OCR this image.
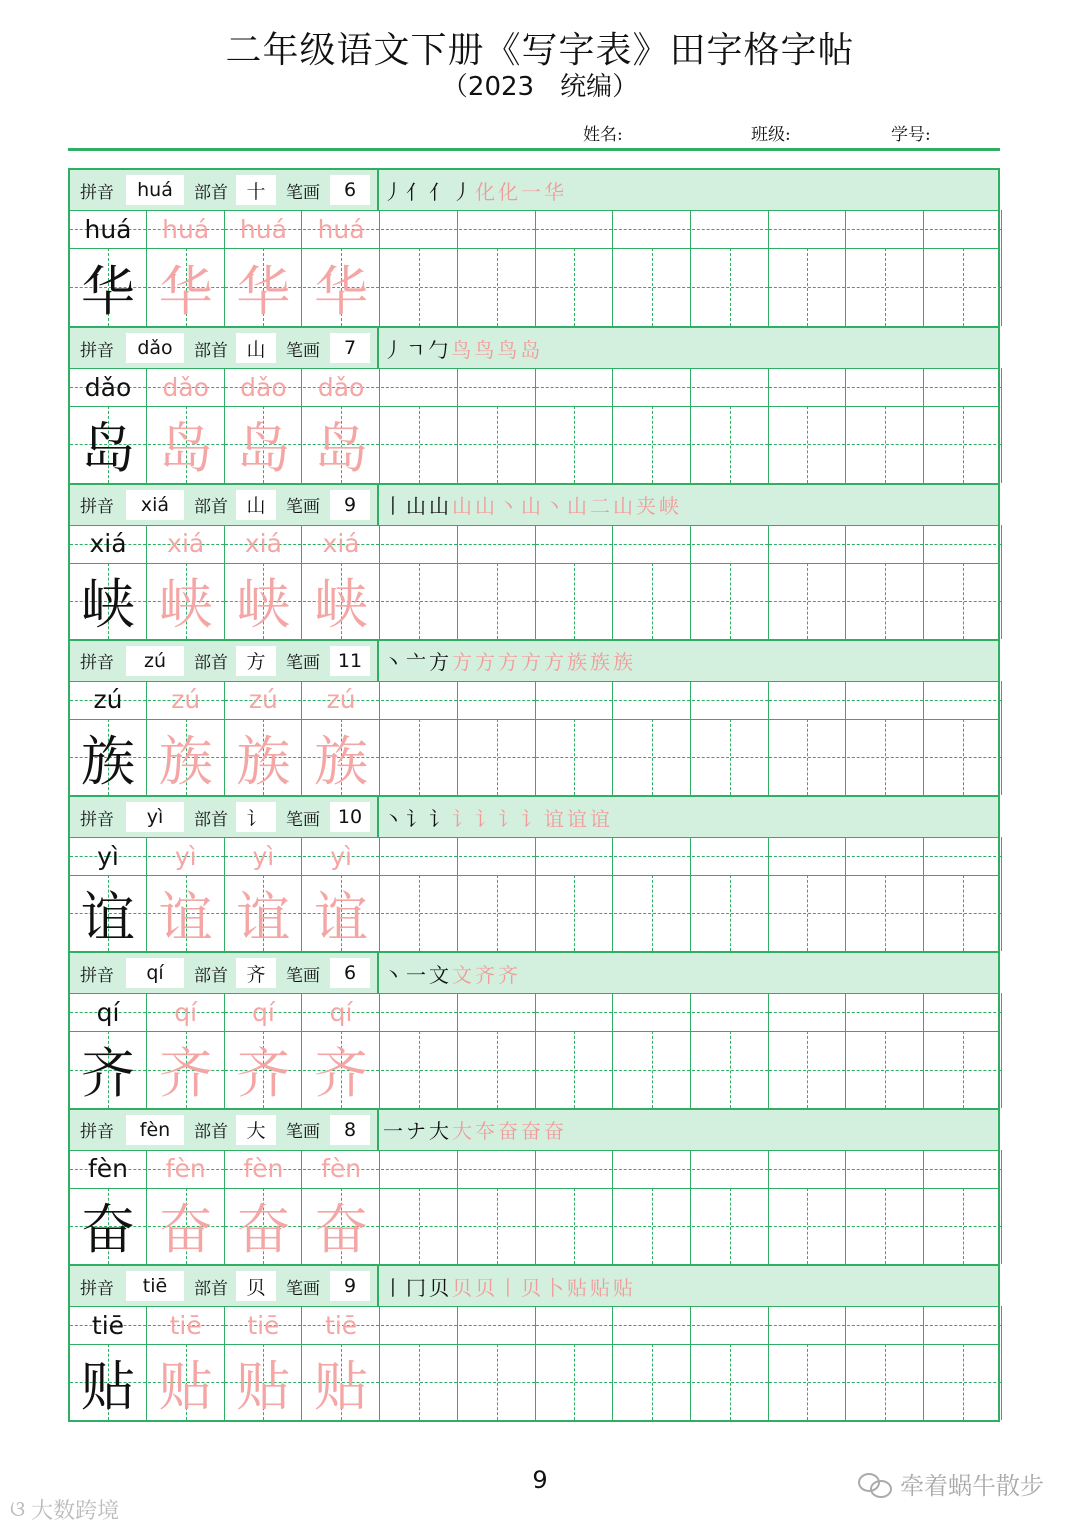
二年级语文下册《写字表》田字格字帖
（2023　统编）
姓名:	班级:	学号:
拼音	huá	部首 十	笔画	6	丿 亻 亻丿 化 化一 华
huá	huá	huá	huá
华 华 华 华
拼音	dǎo	部首 山	笔画	7	丿 ㄱ 勹 鸟 鸟 鸟 岛
dǎo	dǎo	dǎo	dǎo
岛 岛 岛 岛
拼音	xiá	部首 山	笔画	9	丨 山 山 山 山丶 山丶 山二 山夹 峡
xiá	xiá	xiá	xiá
峡 峡 峡 峡
拼音	zú	部首 方	笔画 11	丶 亠 方 方 方 方 方 方 族 族 族
zú	zú	zú	zú
族 族 族 族
拼音	yì	部首 讠	笔画 10	丶 讠 讠 讠 讠 讠 讠 谊 谊 谊
yì	yì	yì	yì
谊 谊 谊 谊
拼音	qí	部首 齐	笔画	6	丶 一 文 文 齐 齐
qí	qí	qí	qí
齐 齐 齐 齐
拼音	fèn	部首 大	笔画	8	一 ナ 大 大 夲 奋 奋 奋
fèn	fèn	fèn	fèn
奋 奋 奋 奋
拼音	tiē	部首 贝	笔画	9	丨 冂 贝 贝 贝丨 贝卜 贴 贴 贴
tiē	tiē	tiē	tiē
贴 贴 贴 贴
9	牵着蜗牛散步
ଓ 大数跨境
